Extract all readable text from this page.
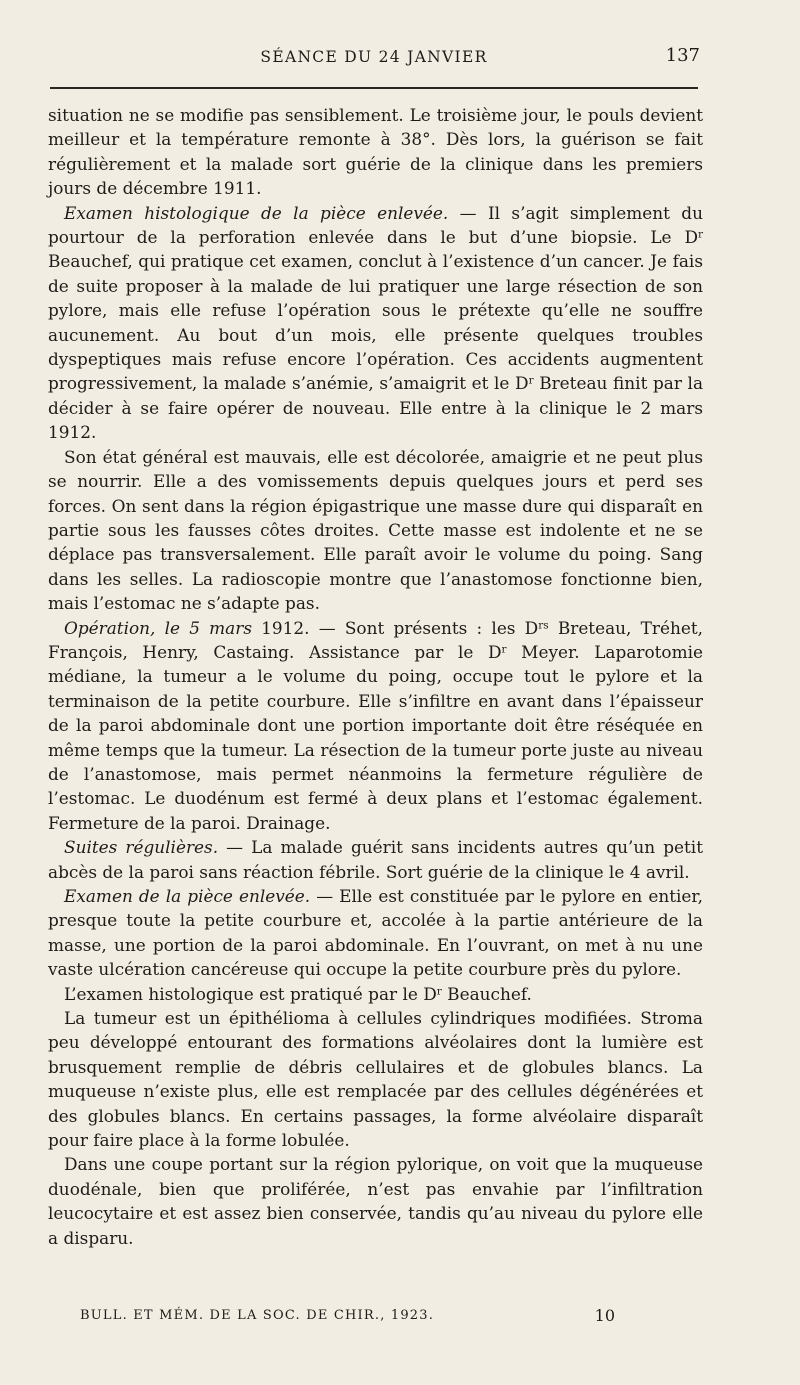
SÉANCE DU 24 JANVIER	137

situation ne se modifie pas sensiblement. Le troisième jour, le pouls devient meilleur et la température remonte à 38°. Dès lors, la guérison se fait régulièrement et la malade sort guérie de la clinique dans les premiers jours de décembre 1911.

Examen histologique de la pièce enlevée. — Il s’agit simplement du pourtour de la perforation enlevée dans le but d’une biopsie. Le $D^r$ Beauchef, qui pratique cet examen, conclut à l’existence d’un cancer. Je fais de suite proposer à la malade de lui pratiquer une large résection de son pylore, mais elle refuse l’opération sous le prétexte qu’elle ne souffre aucunement. Au bout d’un mois, elle présente quelques troubles dyspeptiques mais refuse encore l’opération. Ces accidents augmentent progressivement, la malade s’anémie, s’amaigrit et le $D^r$ Breteau finit par la décider à se faire opérer de nouveau. Elle entre à la clinique le 2 mars 1912.

Son état général est mauvais, elle est décolorée, amaigrie et ne peut plus se nourrir. Elle a des vomissements depuis quelques jours et perd ses forces. On sent dans la région épigastrique une masse dure qui disparaît en partie sous les fausses côtes droites. Cette masse est indolente et ne se déplace pas transversalement. Elle paraît avoir le volume du poing. Sang dans les selles. La radioscopie montre que l’anastomose fonctionne bien, mais l’estomac ne s’adapte pas.

Opération, le 5 mars 1912. — Sont présents : les $D^{rs}$ Breteau, Tréhet, François, Henry, Castaing. Assistance par le $D^r$ Meyer. Laparotomie médiane, la tumeur a le volume du poing, occupe tout le pylore et la terminaison de la petite courbure. Elle s’infiltre en avant dans l’épaisseur de la paroi abdominale dont une portion importante doit être réséquée en même temps que la tumeur. La résection de la tumeur porte juste au niveau de l’anastomose, mais permet néanmoins la fermeture régulière de l’estomac. Le duodénum est fermé à deux plans et l’estomac également. Fermeture de la paroi. Drainage.

Suites régulières. — La malade guérit sans incidents autres qu’un petit abcès de la paroi sans réaction fébrile. Sort guérie de la clinique le 4 avril.

Examen de la pièce enlevée. — Elle est constituée par le pylore en entier, presque toute la petite courbure et, accolée à la partie antérieure de la masse, une portion de la paroi abdominale. En l’ouvrant, on met à nu une vaste ulcération cancéreuse qui occupe la petite courbure près du pylore.

L’examen histologique est pratiqué par le $D^r$ Beauchef.

La tumeur est un épithélioma à cellules cylindriques modifiées. Stroma peu développé entourant des formations alvéolaires dont la lumière est brusquement remplie de débris cellulaires et de globules blancs. La muqueuse n’existe plus, elle est remplacée par des cellules dégénérées et des globules blancs. En certains passages, la forme alvéolaire disparaît pour faire place à la forme lobulée.

Dans une coupe portant sur la région pylorique, on voit que la muqueuse duodénale, bien que proliférée, n’est pas envahie par l’infiltration leucocytaire et est assez bien conservée, tandis qu’au niveau du pylore elle a disparu.

BULL. ET MÉM. DE LA SOC. DE CHIR., 1923.	10
